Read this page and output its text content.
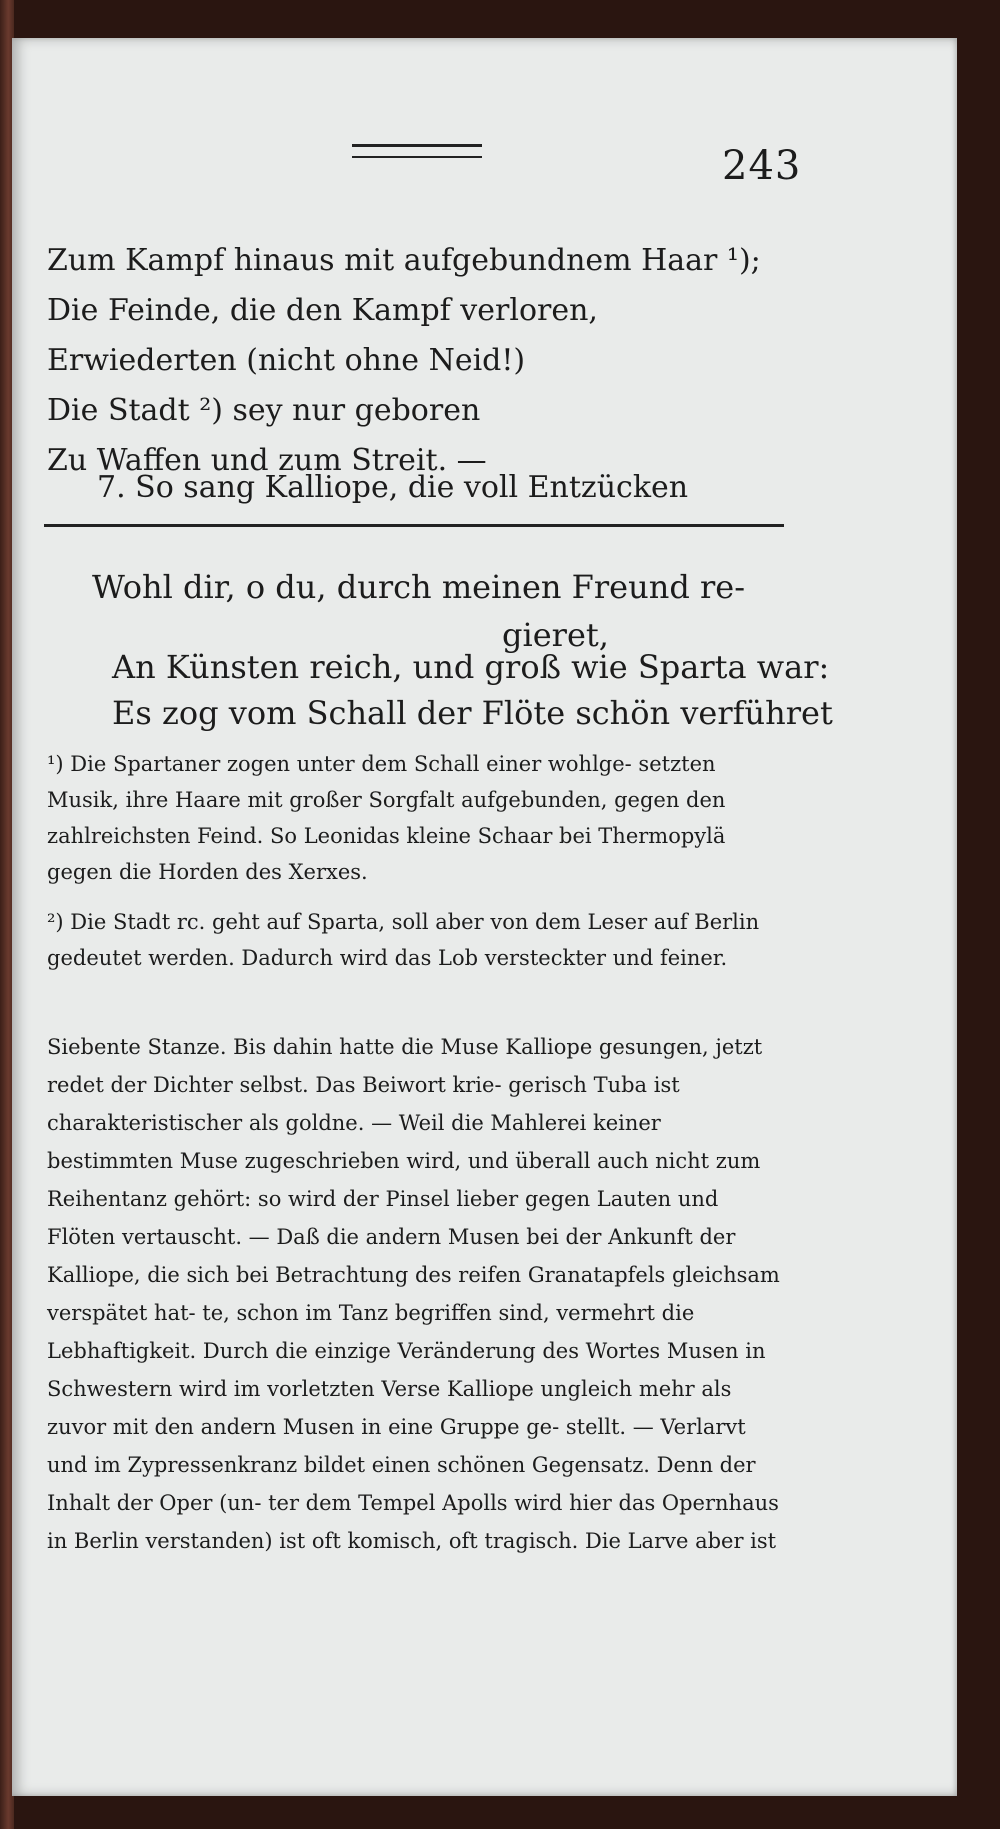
243
Zum Kampf hinaus mit aufgebundnem Haar ¹);
Die Feinde, die den Kampf verloren,
Erwiederten (nicht ohne Neid!)
Die Stadt ²) sey nur geboren
Zu Waffen und zum Streit. —
7. So sang Kalliope, die voll Entzücken
Wohl dir, o du, durch meinen Freund re-
gieret,
An Künsten reich, und groß wie Sparta war:
Es zog vom Schall der Flöte schön verführet
¹) Die Spartaner zogen unter dem Schall einer wohlge- setzten Musik, ihre Haare mit großer Sorgfalt aufgebunden, gegen den zahlreichsten Feind. So Leonidas kleine Schaar bei Thermopylä gegen die Horden des Xerxes.
²) Die Stadt rc. geht auf Sparta, soll aber von dem Leser auf Berlin gedeutet werden. Dadurch wird das Lob versteckter und feiner.
Siebente Stanze. Bis dahin hatte die Muse Kalliope gesungen, jetzt redet der Dichter selbst. Das Beiwort krie- gerisch Tuba ist charakteristischer als goldne. — Weil die Mahlerei keiner bestimmten Muse zugeschrieben wird, und überall auch nicht zum Reihentanz gehört: so wird der Pinsel lieber gegen Lauten und Flöten vertauscht. — Daß die andern Musen bei der Ankunft der Kalliope, die sich bei Betrachtung des reifen Granatapfels gleichsam verspätet hat- te, schon im Tanz begriffen sind, vermehrt die Lebhaftigkeit. Durch die einzige Veränderung des Wortes Musen in Schwestern wird im vorletzten Verse Kalliope ungleich mehr als zuvor mit den andern Musen in eine Gruppe ge- stellt. — Verlarvt und im Zypressenkranz bildet einen schönen Gegensatz. Denn der Inhalt der Oper (un- ter dem Tempel Apolls wird hier das Opernhaus in Berlin verstanden) ist oft komisch, oft tragisch. Die Larve aber ist
